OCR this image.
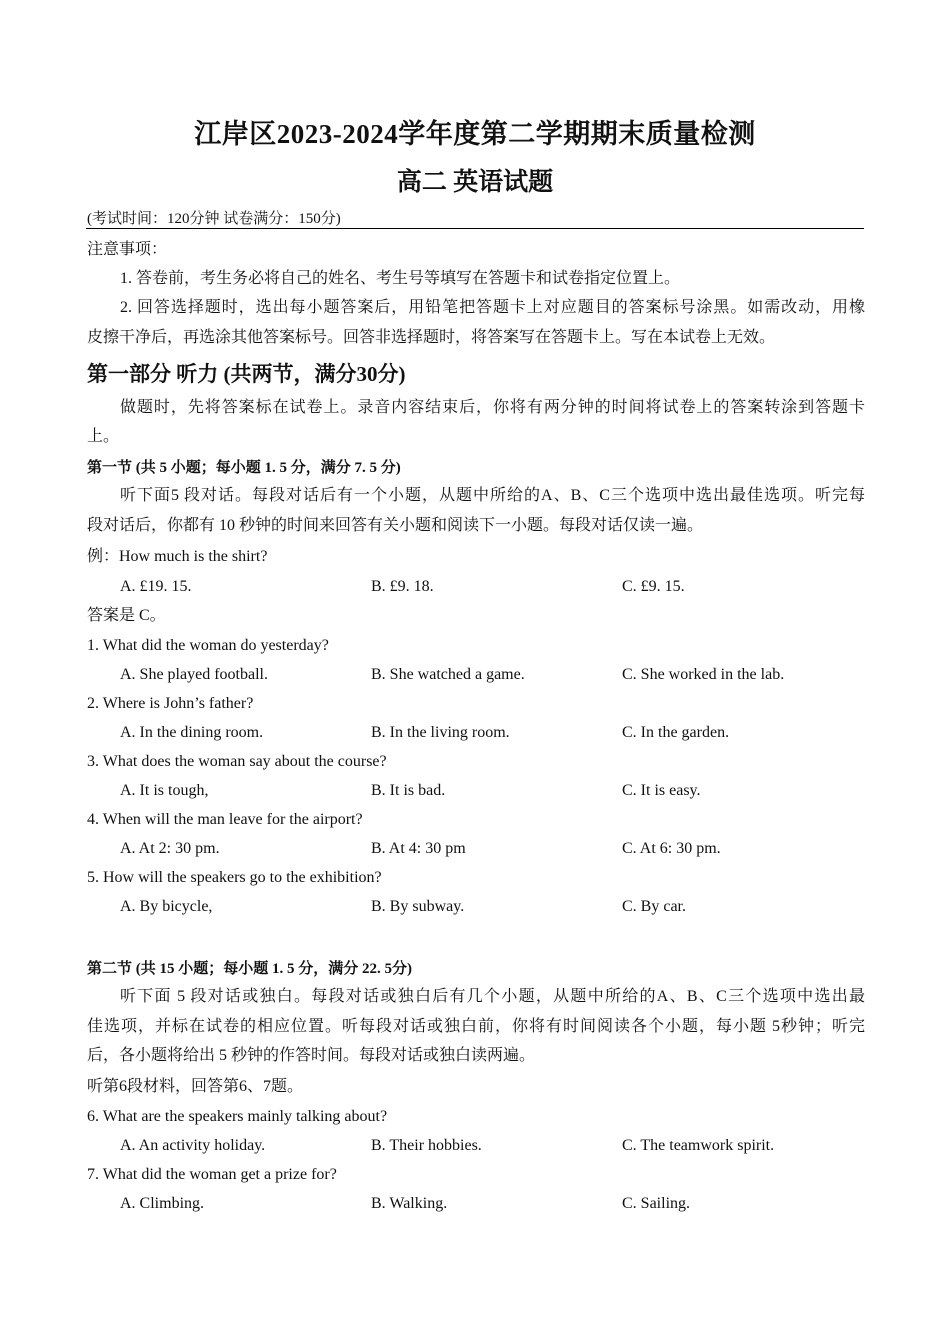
江岸区2023-2024学年度第二学期期末质量检测
高二 英语试题
(考试时间：120分钟 试卷满分：150分)
注意事项：
1. 答卷前，考生务必将自己的姓名、考生号等填写在答题卡和试卷指定位置上。
2. 回答选择题时，选出每小题答案后，用铅笔把答题卡上对应题目的答案标号涂黑。如需改动，用橡
皮擦干净后，再选涂其他答案标号。回答非选择题时，将答案写在答题卡上。写在本试卷上无效。
第一部分 听力 (共两节，满分30分)
做题时，先将答案标在试卷上。录音内容结束后，你将有两分钟的时间将试卷上的答案转涂到答题卡
上。
第一节 (共 5 小题；每小题 1. 5 分，满分 7. 5 分)
听下面5 段对话。每段对话后有一个小题，从题中所给的A、B、C三个选项中选出最佳选项。听完每
段对话后，你都有 10 秒钟的时间来回答有关小题和阅读下一小题。每段对话仅读一遍。
例：How much is the shirt?
A. £19. 15.	B. £9. 18.	C. £9. 15.
答案是 C。
1. What did the woman do yesterday?
A. She played football.	B. She watched a game.	C. She worked in the lab.
2. Where is John’s father?
A. In the dining room.	B. In the living room.	C. In the garden.
3. What does the woman say about the course?
A. It is tough,	B. It is bad.	C. It is easy.
4. When will the man leave for the airport?
A. At 2: 30 pm.	B. At 4: 30 pm	C. At 6: 30 pm.
5. How will the speakers go to the exhibition?
A. By bicycle,	B. By subway.	C. By car.
第二节 (共 15 小题；每小题 1. 5 分，满分 22. 5分)
听下面 5 段对话或独白。每段对话或独白后有几个小题，从题中所给的A、B、C三个选项中选出最
佳选项，并标在试卷的相应位置。听每段对话或独白前，你将有时间阅读各个小题，每小题 5秒钟；听完
后，各小题将给出 5 秒钟的作答时间。每段对话或独白读两遍。
听第6段材料，回答第6、7题。
6. What are the speakers mainly talking about?
A. An activity holiday.	B. Their hobbies.	C. The teamwork spirit.
7. What did the woman get a prize for?
A. Climbing.	B. Walking.	C. Sailing.
